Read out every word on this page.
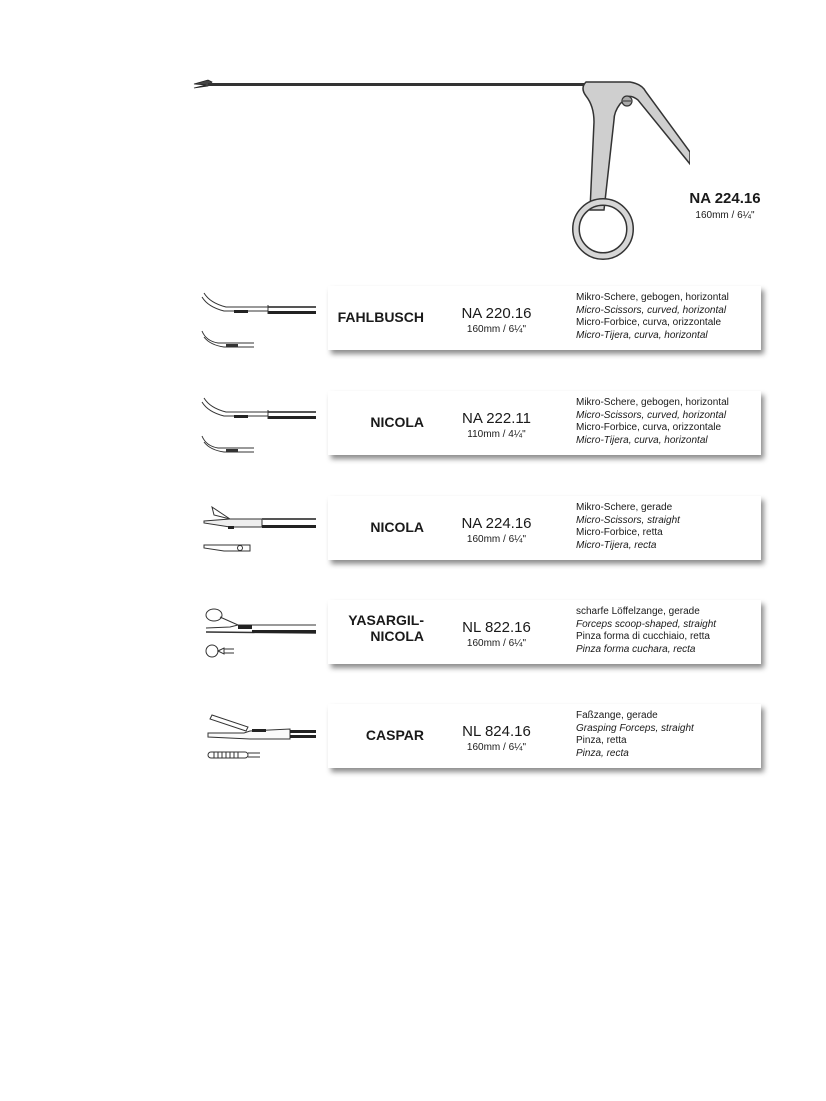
NA 224.16
160mm / 6¼"
FAHLBUSCH	NA 220.16
160mm / 6¼"
Mikro-Schere, gebogen, horizontal
Micro-Scissors, curved, horizontal
Micro-Forbice, curva, orizzontale
Micro-Tijera, curva, horizontal
NICOLA	NA 222.11
110mm / 4¼"
Mikro-Schere, gebogen, horizontal
Micro-Scissors, curved, horizontal
Micro-Forbice, curva, orizzontale
Micro-Tijera, curva, horizontal
NICOLA	NA 224.16
160mm / 6¼"
Mikro-Schere, gerade
Micro-Scissors, straight
Micro-Forbice, retta
Micro-Tijera, recta
YASARGIL-
NICOLA	NL 822.16
160mm / 6¼"
scharfe Löffelzange, gerade
Forceps scoop-shaped, straight
Pinza forma di cucchiaio, retta
Pinza forma cuchara, recta
CASPAR	NL 824.16
160mm / 6¼"
Faßzange, gerade
Grasping Forceps, straight
Pinza, retta
Pinza, recta
